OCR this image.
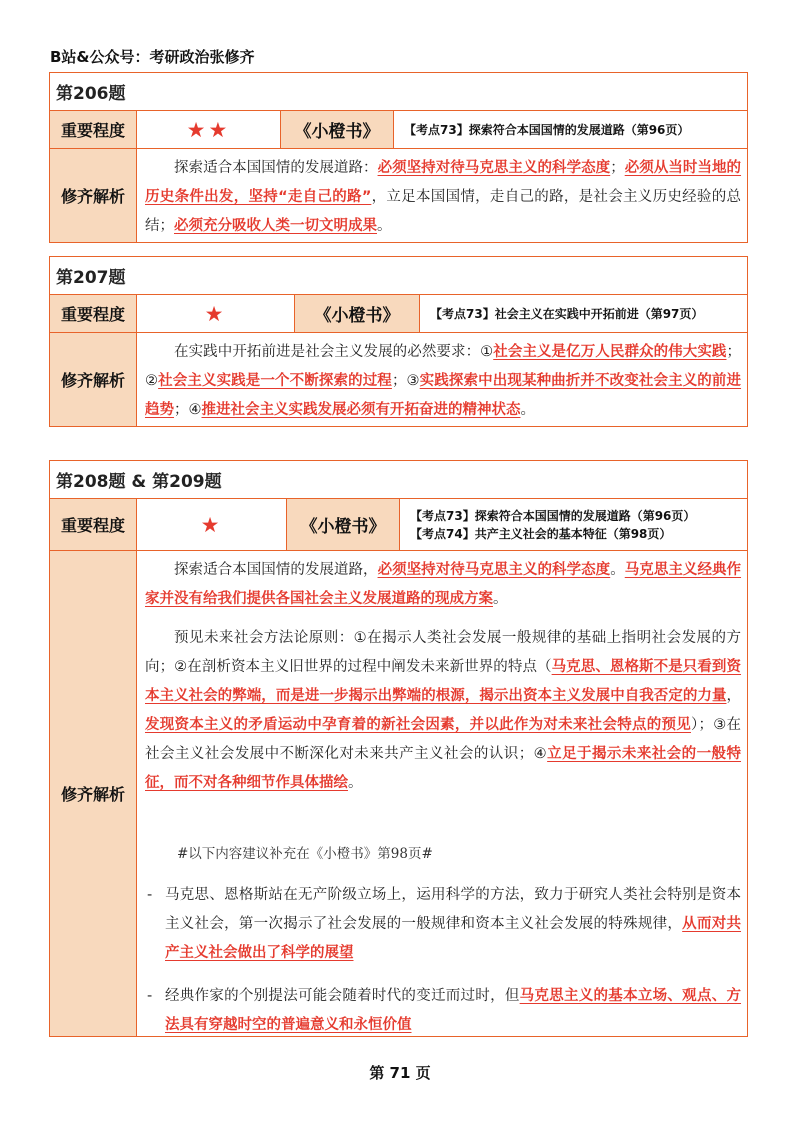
B站&公众号：考研政治张修齐
第206题
重要程度	★★	《小橙书》	【考点73】探索符合本国国情的发展道路（第96页）
修齐解析

探索适合本国国情的发展道路：必须坚持对待马克思主义的科学态度；必须从当时当地的历史条件出发，坚持“走自己的路”，立足本国国情，走自己的路，是社会主义历史经验的总结；必须充分吸收人类一切文明成果。

第207题
重要程度	★	《小橙书》	【考点73】社会主义在实践中开拓前进（第97页）
修齐解析

在实践中开拓前进是社会主义发展的必然要求：①社会主义是亿万人民群众的伟大实践；②社会主义实践是一个不断探索的过程；③实践探索中出现某种曲折并不改变社会主义的前进趋势；④推进社会主义实践发展必须有开拓奋进的精神状态。

第208题 & 第209题
重要程度	★	《小橙书》
【考点73】探索符合本国国情的发展道路（第96页）
【考点74】共产主义社会的基本特征（第98页）
修齐解析

探索适合本国国情的发展道路，必须坚持对待马克思主义的科学态度。马克思主义经典作家并没有给我们提供各国社会主义发展道路的现成方案。

预见未来社会方法论原则：①在揭示人类社会发展一般规律的基础上指明社会发展的方向；②在剖析资本主义旧世界的过程中阐发未来新世界的特点（马克思、恩格斯不是只看到资本主义社会的弊端，而是进一步揭示出弊端的根源，揭示出资本主义发展中自我否定的力量，发现资本主义的矛盾运动中孕育着的新社会因素，并以此作为对未来社会特点的预见）；③在社会主义社会发展中不断深化对未来共产主义社会的认识；④立足于揭示未来社会的一般特征，而不对各种细节作具体描绘。

#以下内容建议补充在《小橙书》第98页#

- 马克思、恩格斯站在无产阶级立场上，运用科学的方法，致力于研究人类社会特别是资本主义社会，第一次揭示了社会发展的一般规律和资本主义社会发展的特殊规律，从而对共产主义社会做出了科学的展望
- 经典作家的个别提法可能会随着时代的变迁而过时，但马克思主义的基本立场、观点、方法具有穿越时空的普遍意义和永恒价值
第 71 页
